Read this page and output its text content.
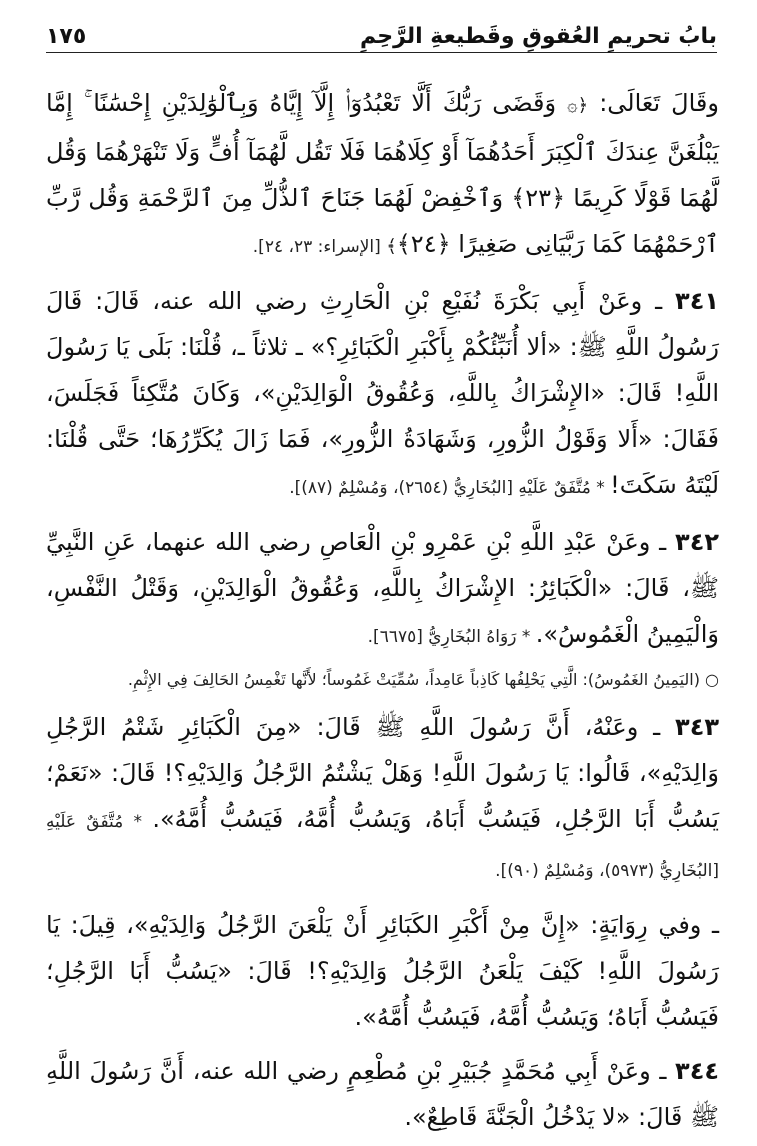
بابُ تحريمِ العُقوقِ وقَطيعةِ الرَّحِمِ
١٧٥

وقَالَ تَعَالَى: ﴿۞ وَقَضَى رَبُّكَ أَلَّا تَعْبُدُوٓا۟ إِلَّآ إِيَّاهُ وَبِٱلْوَٰلِدَيْنِ إِحْسَٰنًا ۚ إِمَّا يَبْلُغَنَّ عِندَكَ ٱلْكِبَرَ أَحَدُهُمَآ أَوْ كِلَاهُمَا فَلَا تَقُل لَّهُمَآ أُفٍّ وَلَا تَنْهَرْهُمَا وَقُل لَّهُمَا قَوْلًا كَرِيمًا ﴿٢٣﴾ وَٱخْفِضْ لَهُمَا جَنَاحَ ٱلذُّلِّ مِنَ ٱلرَّحْمَةِ وَقُل رَّبِّ ٱرْحَمْهُمَا كَمَا رَبَّيَانِى صَغِيرًا ﴿٢٤﴾﴾ [الإسراء: ٢٣، ٢٤].

٣٤١ ـ وعَنْ أَبِي بَكْرَةَ نُفَيْعِ بْنِ الْحَارِثِ رضي الله عنه، قَالَ: قَالَ رَسُولُ اللَّهِ ﷺ: «ألا أُنَبِّئُكُمْ بِأَكْبَرِ الْكَبَائِرِ؟» ـ ثلاثاً ـ، قُلْنَا: بَلَى يَا رَسُولَ اللَّهِ! قَالَ: «الإِشْرَاكُ بِاللَّهِ، وَعُقُوقُ الْوَالِدَيْنِ»، وَكَانَ مُتَّكِئاً فَجَلَسَ، فَقَالَ: «أَلا وَقَوْلُ الزُّورِ، وَشَهَادَةُ الزُّورِ»، فَمَا زَالَ يُكَرِّرُهَا؛ حَتَّى قُلْنَا: لَيْتَهُ سَكَتَ! * مُتَّفَقٌ عَلَيْهِ [البُخَارِيُّ (٢٦٥٤)، وَمُسْلِمٌ (٨٧)].

٣٤٢ ـ وعَنْ عَبْدِ اللَّهِ بْنِ عَمْرِو بْنِ الْعَاصِ رضي الله عنهما، عَنِ النَّبِيِّ ﷺ، قَالَ: «الْكَبَائِرُ: الإِشْرَاكُ بِاللَّهِ، وَعُقُوقُ الْوَالِدَيْنِ، وَقَتْلُ النَّفْسِ، وَالْيَمِينُ الْغَمُوسُ». * رَوَاهُ البُخَارِيُّ [٦٦٧٥].

○ (اليَمِينُ الغَمُوسُ): الَّتِي يَحْلِفُها كَاذِباً عَامِداً، سُمِّيَتْ غَمُوساً؛ لأَنَّها تَغْمِسُ الحَالِفَ فِي الإِثْمِ.

٣٤٣ ـ وعَنْهُ، أَنَّ رَسُولَ اللَّهِ ﷺ قَالَ: «مِنَ الْكَبَائِرِ شَتْمُ الرَّجُلِ وَالِدَيْهِ»، قَالُوا: يَا رَسُولَ اللَّهِ! وَهَلْ يَشْتُمُ الرَّجُلُ وَالِدَيْهِ؟! قَالَ: «نَعَمْ؛ يَسُبُّ أَبَا الرَّجُلِ، فَيَسُبُّ أَبَاهُ، وَيَسُبُّ أُمَّهُ، فَيَسُبُّ أُمَّهُ». * مُتَّفَقٌ عَلَيْهِ [البُخَارِيُّ (٥٩٧٣)، وَمُسْلِمٌ (٩٠)].

ـ وفي رِوَايَةٍ: «إِنَّ مِنْ أَكْبَرِ الكَبَائِرِ أَنْ يَلْعَنَ الرَّجُلُ وَالِدَيْهِ»، قِيلَ: يَا رَسُولَ اللَّهِ! كَيْفَ يَلْعَنُ الرَّجُلُ وَالِدَيْهِ؟! قَالَ: «يَسُبُّ أَبَا الرَّجُلِ؛ فَيَسُبُّ أَبَاهُ؛ وَيَسُبُّ أُمَّهُ، فَيَسُبُّ أُمَّهُ».

٣٤٤ ـ وعَنْ أَبِي مُحَمَّدٍ جُبَيْرِ بْنِ مُطْعِمٍ رضي الله عنه، أَنَّ رَسُولَ اللَّهِ ﷺ قَالَ: «لا يَدْخُلُ الْجَنَّةَ قَاطِعٌ».
